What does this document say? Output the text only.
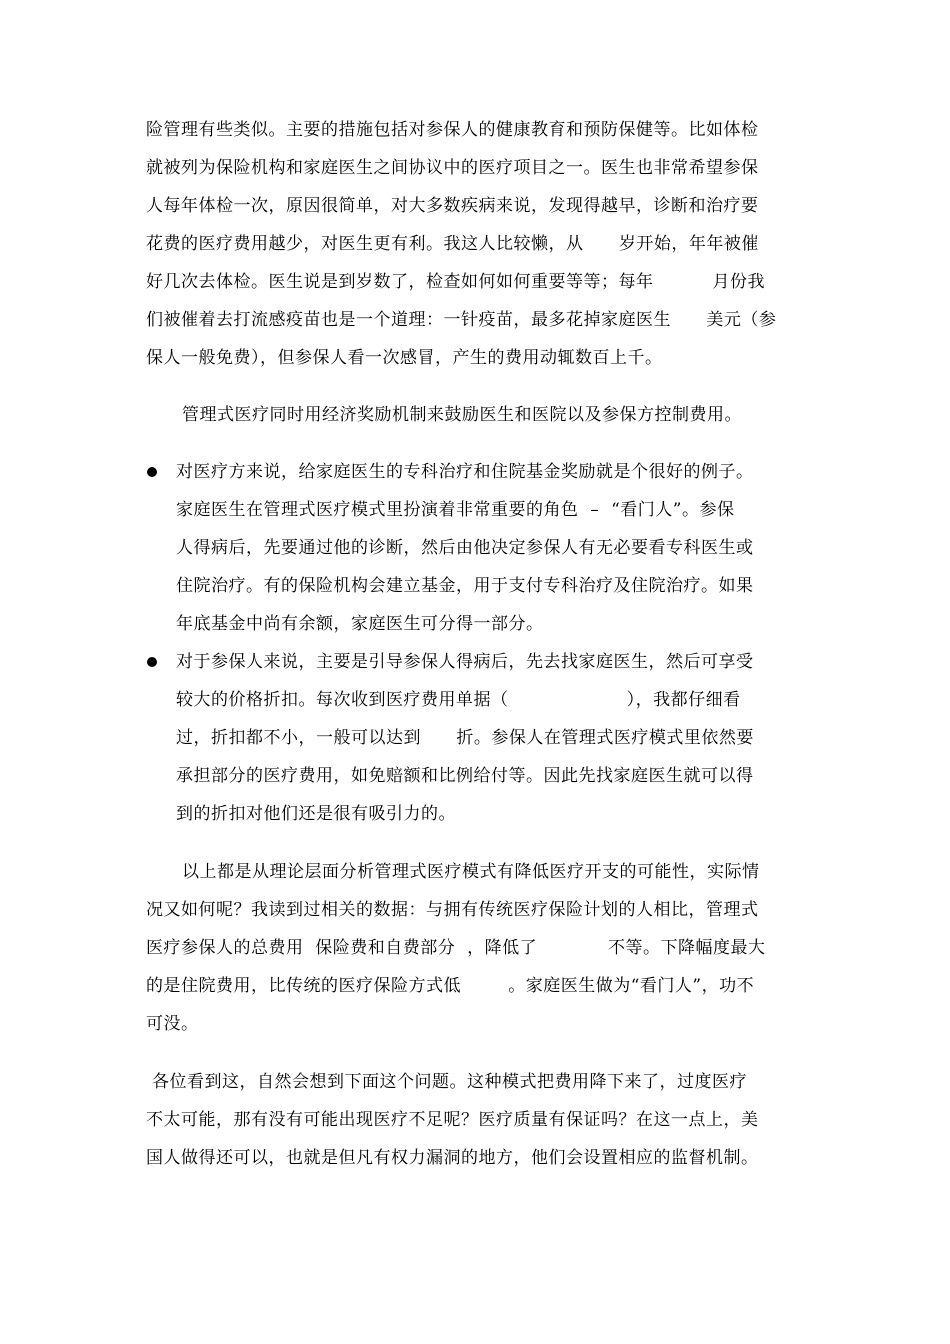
险管理有些类似。主要的措施包括对参保人的健康教育和预防保健等。比如体检
就被列为保险机构和家庭医生之间协议中的医疗项目之一。医生也非常希望参保
人每年体检一次，原因很简单，对大多数疾病来说，发现得越早，诊断和治疗要
花费的医疗费用越少，对医生更有利。我这人比较懒，从      岁开始，年年被催
好几次去体检。医生说是到岁数了，检查如何如何重要等等；每年          月份我
们被催着去打流感疫苗也是一个道理：一针疫苗，最多花掉家庭医生      美元（参
保人一般免费），但参保人看一次感冒，产生的费用动辄数百上千。
管理式医疗同时用经济奖励机制来鼓励医生和医院以及参保方控制费用。
对医疗方来说，给家庭医生的专科治疗和住院基金奖励就是个很好的例子。
家庭医生在管理式医疗模式里扮演着非常重要的角色  –  “看门人”。参保
人得病后，先要通过他的诊断，然后由他决定参保人有无必要看专科医生或
住院治疗。有的保险机构会建立基金，用于支付专科治疗及住院治疗。如果
年底基金中尚有余额，家庭医生可分得一部分。
对于参保人来说，主要是引导参保人得病后，先去找家庭医生，然后可享受
较大的价格折扣。每次收到医疗费用单据（                    ），我都仔细看
过，折扣都不小，一般可以达到      折。参保人在管理式医疗模式里依然要
承担部分的医疗费用，如免赔额和比例给付等。因此先找家庭医生就可以得
到的折扣对他们还是很有吸引力的。
以上都是从理论层面分析管理式医疗模式有降低医疗开支的可能性，实际情
况又如何呢？我读到过相关的数据：与拥有传统医疗保险计划的人相比，管理式
医疗参保人的总费用  保险费和自费部分  ，降低了            不等。下降幅度最大
的是住院费用，比传统的医疗保险方式低        。家庭医生做为“看门人”，功不
可没。
各位看到这，自然会想到下面这个问题。这种模式把费用降下来了，过度医疗
不太可能，那有没有可能出现医疗不足呢？医疗质量有保证吗？在这一点上，美
国人做得还可以，也就是但凡有权力漏洞的地方，他们会设置相应的监督机制。
